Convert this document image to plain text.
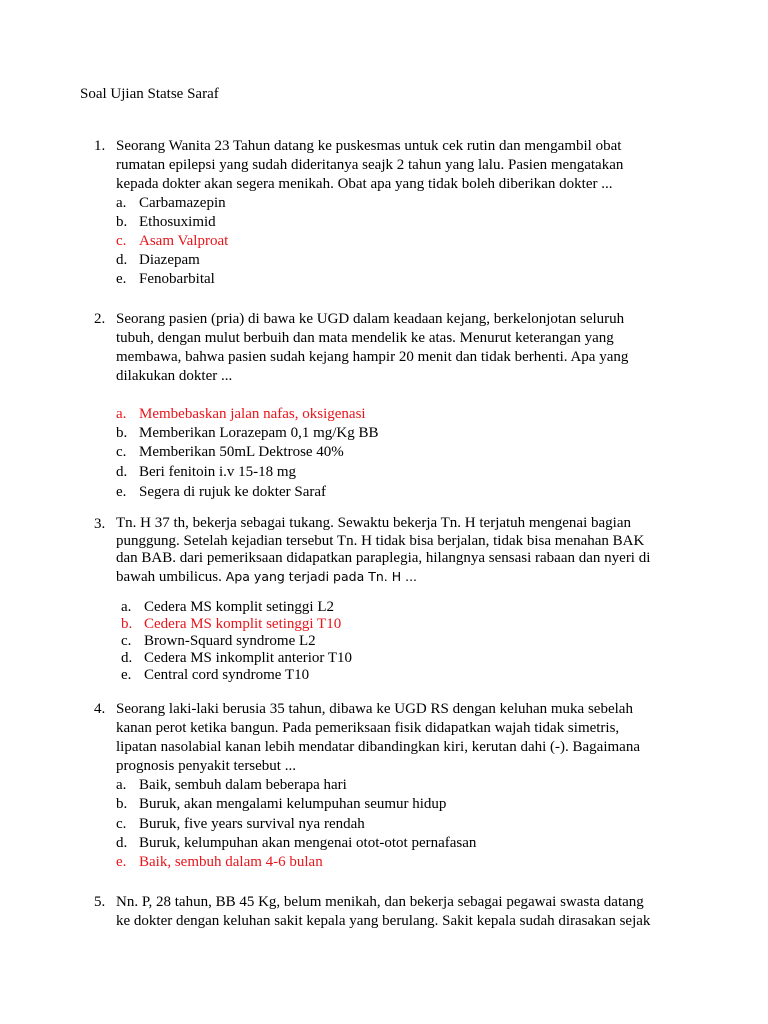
Soal Ujian Statse Saraf
1. Seorang Wanita 23 Tahun datang ke puskesmas untuk cek rutin dan mengambil obat
rumatan epilepsi yang sudah dideritanya seajk 2 tahun yang lalu. Pasien mengatakan
kepada dokter akan segera menikah. Obat apa yang tidak boleh diberikan dokter ...
a. Carbamazepin
b. Ethosuximid
c. Asam Valproat
d. Diazepam
e. Fenobarbital
2. Seorang pasien (pria) di bawa ke UGD dalam keadaan kejang, berkelonjotan seluruh
tubuh, dengan mulut berbuih dan mata mendelik ke atas. Menurut keterangan yang
membawa, bahwa pasien sudah kejang hampir 20 menit dan tidak berhenti. Apa yang
dilakukan dokter ...
a. Membebaskan jalan nafas, oksigenasi
b. Memberikan Lorazepam 0,1 mg/Kg BB
c. Memberikan 50mL Dektrose 40%
d. Beri fenitoin i.v 15-18 mg
e. Segera di rujuk ke dokter Saraf
3. Tn. H 37 th, bekerja sebagai tukang. Sewaktu bekerja Tn. H terjatuh mengenai bagian
punggung. Setelah kejadian tersebut Tn. H tidak bisa berjalan, tidak bisa menahan BAK
dan BAB. dari pemeriksaan didapatkan paraplegia, hilangnya sensasi rabaan dan nyeri di
bawah umbilicus. Apa yang terjadi pada Tn. H ...
a. Cedera MS komplit setinggi L2
b. Cedera MS komplit setinggi T10
c. Brown-Squard syndrome L2
d. Cedera MS inkomplit anterior T10
e. Central cord syndrome T10
4. Seorang laki-laki berusia 35 tahun, dibawa ke UGD RS dengan keluhan muka sebelah
kanan perot ketika bangun. Pada pemeriksaan fisik didapatkan wajah tidak simetris,
lipatan nasolabial kanan lebih mendatar dibandingkan kiri, kerutan dahi (-). Bagaimana
prognosis penyakit tersebut ...
a. Baik, sembuh dalam beberapa hari
b. Buruk, akan mengalami kelumpuhan seumur hidup
c. Buruk, five years survival nya rendah
d. Buruk, kelumpuhan akan mengenai otot-otot pernafasan
e. Baik, sembuh dalam 4-6 bulan
5. Nn. P, 28 tahun, BB 45 Kg, belum menikah, dan bekerja sebagai pegawai swasta datang
ke dokter dengan keluhan sakit kepala yang berulang. Sakit kepala sudah dirasakan sejak
